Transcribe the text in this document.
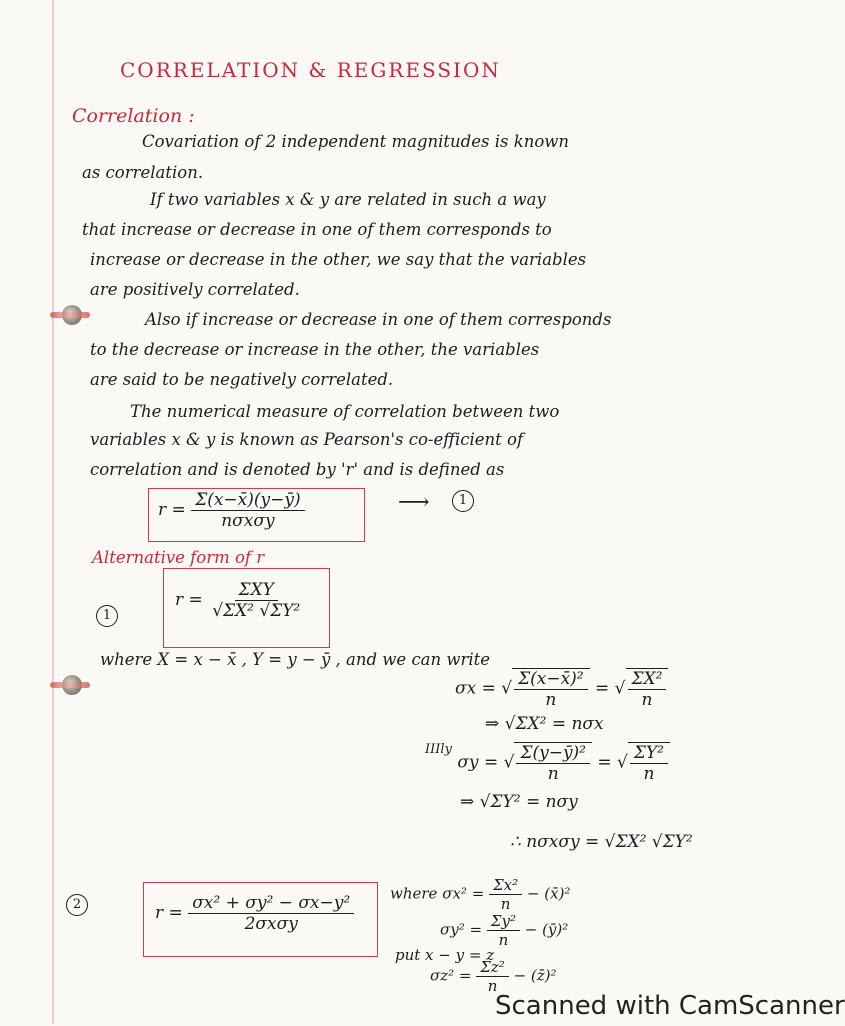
CORRELATION & REGRESSION
Correlation :
Covariation of 2 independent magnitudes is known
as correlation.
If two variables x & y are related in such a way
that increase or decrease in one of them corresponds to
increase or decrease in the other, we say that the variables
are positively correlated.
Also if increase or decrease in one of them corresponds
to the decrease or increase in the other, the variables
are said to be negatively correlated.
The numerical measure of correlation between two
variables x & y is known as Pearson's co-efficient of
correlation and is denoted by 'r' and is defined as
$r = \frac{\Sigma(x-x̄)(y-ȳ)}{\text{nσxσy}}$	⟶	1
Alternative form of r
1
$r = \frac{\text{ΣXY}}{\text{√ΣX² √ΣY²}}$
where X = x − x̄ , Y = y − ȳ , and we can write
σx = √ $\frac{\text{Σ(x−x̄)²}}{n}$ = √ $\frac{\text{ΣX²}}{n}$
⇒ √ΣX² = nσx
$^{IIIly}$ σy = √ $\frac{\text{Σ(y−ȳ)²}}{n}$ = √ $\frac{\text{ΣY²}}{n}$
⇒ √ΣY² = nσy
∴ nσxσy = √ΣX² √ΣY²
2	$r = \frac{\text{σx² + σy² − σx−y²}}{\text{2σxσy}}$ where $\sigma x^2 = \frac{\text{Σx²}}{n}$ − (x̄)²
$\sigma y^2 = \frac{\text{Σy²}}{n}$ − (ȳ)²
put x − y = z
$\sigma z^2 = \frac{\text{Σz²}}{n}$ − (z̄)²
Scanned with CamScanner
